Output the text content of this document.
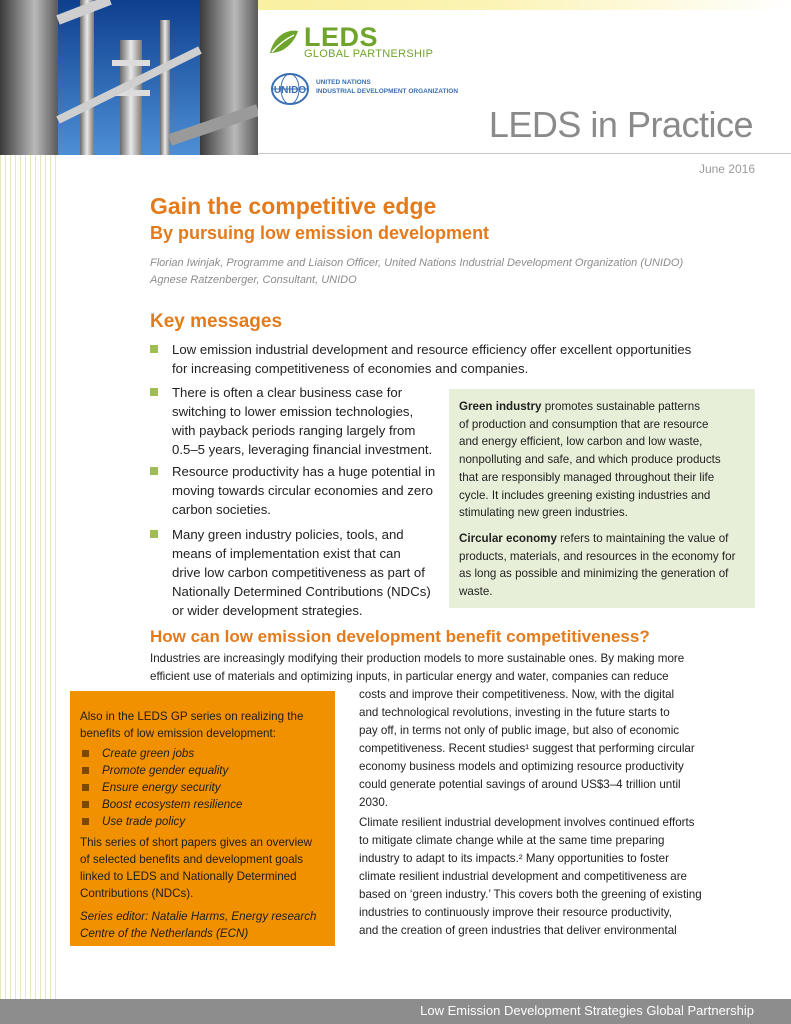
LEDS
GLOBAL PARTNERSHIP
UNIDO
UNITED NATIONS
INDUSTRIAL DEVELOPMENT ORGANIZATION
LEDS in Practice
June 2016
Gain the competitive edge
By pursuing low emission development

Florian Iwinjak, Programme and Liaison Officer, United Nations Industrial Development Organization (UNIDO)

Agnese Ratzenberger, Consultant, UNIDO

Key messages
Low emission industrial development and resource efficiency offer excellent opportunities
for increasing competitiveness of economies and companies.
There is often a clear business case for
switching to lower emission technologies,
with payback periods ranging largely from
0.5–5 years, leveraging financial investment.
Resource productivity has a huge potential in
moving towards circular economies and zero
carbon societies.
Many green industry policies, tools, and
means of implementation exist that can
drive low carbon competitiveness as part of
Nationally Determined Contributions (NDCs)
or wider development strategies.

Green industry promotes sustainable patterns
of production and consumption that are resource
and energy efficient, low carbon and low waste,
nonpolluting and safe, and which produce products
that are responsibly managed throughout their life
cycle. It includes greening existing industries and
stimulating new green industries.

Circular economy refers to maintaining the value of
products, materials, and resources in the economy for
as long as possible and minimizing the generation of
waste.

How can low emission development benefit competitiveness?

Industries are increasingly modifying their production models to more sustainable ones. By making more

efficient use of materials and optimizing inputs, in particular energy and water, companies can reduce

costs and improve their competitiveness. Now, with the digital

and technological revolutions, investing in the future starts to

pay off, in terms not only of public image, but also of economic

competitiveness. Recent studies¹ suggest that performing circular

economy business models and optimizing resource productivity

could generate potential savings of around US$3–4 trillion until

2030.

Climate resilient industrial development involves continued efforts

to mitigate climate change while at the same time preparing

industry to adapt to its impacts.² Many opportunities to foster

climate resilient industrial development and competitiveness are

based on ‘green industry.’ This covers both the greening of existing

industries to continuously improve their resource productivity,

and the creation of green industries that deliver environmental

Also in the LEDS GP series on realizing the
benefits of low emission development:
Create green jobs
Promote gender equality
Ensure energy security
Boost ecosystem resilience
Use trade policy
This series of short papers gives an overview
of selected benefits and development goals
linked to LEDS and Nationally Determined
Contributions (NDCs).
Series editor: Natalie Harms, Energy research
Centre of the Netherlands (ECN)
Low Emission Development Strategies Global Partnership
